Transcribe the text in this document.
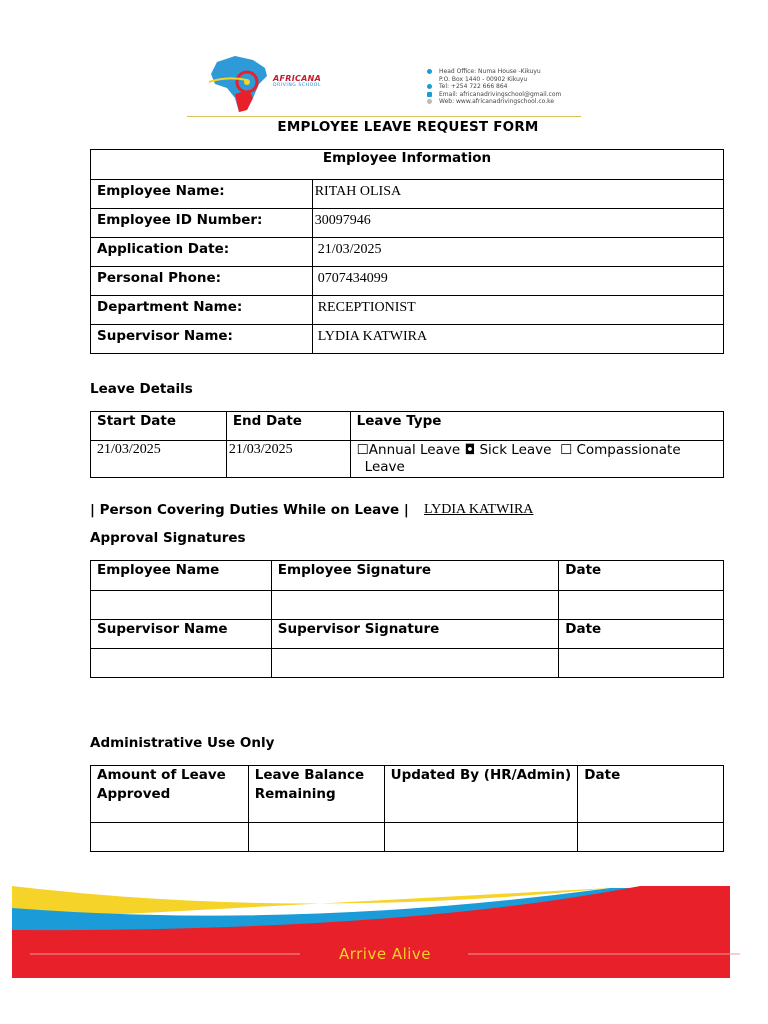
AFRICANA
DRIVING SCHOOL
Head Office: Numa House -Kikuyu
P.O. Box 1440 - 00902 Kikuyu
Tel: +254 722 666 864
Email: africanadrivingschool@gmail.com
Web: www.africanadrivingschool.co.ke
EMPLOYEE LEAVE REQUEST FORM
Employee Information	
Employee Name:	RITAH OLISA
Employee ID Number:	30097946
Application Date:	21/03/2025
Personal Phone:	0707434099
Department Name:	RECEPTIONIST
Supervisor Name:	LYDIA KATWIRA
Leave Details
Start Date	End Date	Leave Type
21/03/2025	21/03/2025	☐Annual Leave ◘ Sick Leave ☐ Compassionate
Leave
| Person Covering Duties While on Leave | LYDIA KATWIRA
Approval Signatures
Employee Name	Employee Signature	Date

Supervisor Name	Supervisor Signature	Date

Administrative Use Only
Amount of Leave Approved	Leave Balance Remaining	Updated By (HR/Admin)	Date

Arrive Alive
